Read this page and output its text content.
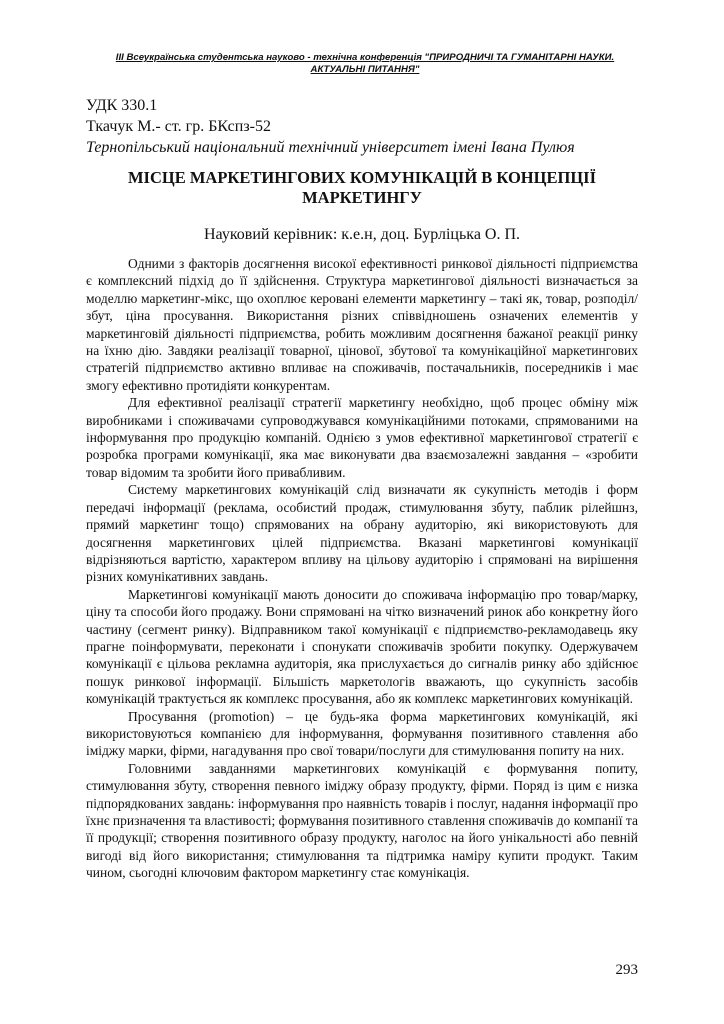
ІІІ Всеукраїнська студентська науково - технічна конференція "ПРИРОДНИЧІ ТА ГУМАНІТАРНІ НАУКИ.
АКТУАЛЬНІ ПИТАННЯ"
УДК 330.1
Ткачук М.- ст. гр. БКспз-52
Тернопільський національний технічний університет імені Івана Пулюя
МІСЦЕ МАРКЕТИНГОВИХ КОМУНІКАЦІЙ В КОНЦЕПЦІЇ
МАРКЕТИНГУ
Науковий керівник: к.е.н, доц. Бурліцька О. П.

Одними з факторів досягнення високої ефективності ринкової діяльності підприємства є комплексний підхід до її здійснення. Структура маркетингової діяльності визначається за моделлю маркетинг-мікс, що охоплює керовані елементи маркетингу – такі як, товар, розподіл/збут, ціна просування. Використання різних співвідношень означених елементів у маркетинговій діяльності підприємства, робить можливим досягнення бажаної реакції ринку на їхню дію. Завдяки реалізації товарної, цінової, збутової та комунікаційної маркетингових стратегій підприємство активно впливає на споживачів, постачальників, посередників і має змогу ефективно протидіяти конкурентам.

Для ефективної реалізації стратегії маркетингу необхідно, щоб процес обміну між виробниками і споживачами супроводжувався комунікаційними потоками, спрямованими на інформування про продукцію компаній. Однією з умов ефективної маркетингової стратегії є розробка програми комунікації, яка має виконувати два взаємозалежні завдання – «зробити товар відомим та зробити його привабливим.

Систему маркетингових комунікацій слід визначати як сукупність методів і форм передачі інформації (реклама, особистий продаж, стимулювання збуту, паблик рілейшнз, прямий маркетинг тощо) спрямованих на обрану аудиторію, які використовують для досягнення маркетингових цілей підприємства. Вказані маркетингові комунікації відрізняються вартістю, характером впливу на цільову аудиторію і спрямовані на вирішення різних комунікативних завдань.

Маркетингові комунікації мають доносити до споживача інформацію про товар/марку, ціну та способи його продажу. Вони спрямовані на чітко визначений ринок або конкретну його частину (сегмент ринку). Відправником такої комунікації є підприємство-рекламодавець яку прагне поінформувати, переконати і спонукати споживачів зробити покупку. Одержувачем комунікації є цільова рекламна аудиторія, яка прислухається до сигналів ринку або здійснює пошук ринкової інформації. Більшість маркетологів вважають, що сукупність засобів комунікацій трактується як комплекс просування, або як комплекс маркетингових комунікацій.

Просування (promotion) – це будь-яка форма маркетингових комунікацій, які використовуються компанією для інформування, формування позитивного ставлення або іміджу марки, фірми, нагадування про свої товари/послуги для стимулювання попиту на них.

Головними завданнями маркетингових комунікацій є формування попиту, стимулювання збуту, створення певного іміджу образу продукту, фірми. Поряд із цим є низка підпорядкованих завдань: інформування про наявність товарів і послуг, надання інформації про їхнє призначення та властивості; формування позитивного ставлення споживачів до компанії та її продукції; створення позитивного образу продукту, наголос на його унікальності або певній вигоді від його використання; стимулювання та підтримка наміру купити продукт. Таким чином, сьогодні ключовим фактором маркетингу стає комунікація.

293
